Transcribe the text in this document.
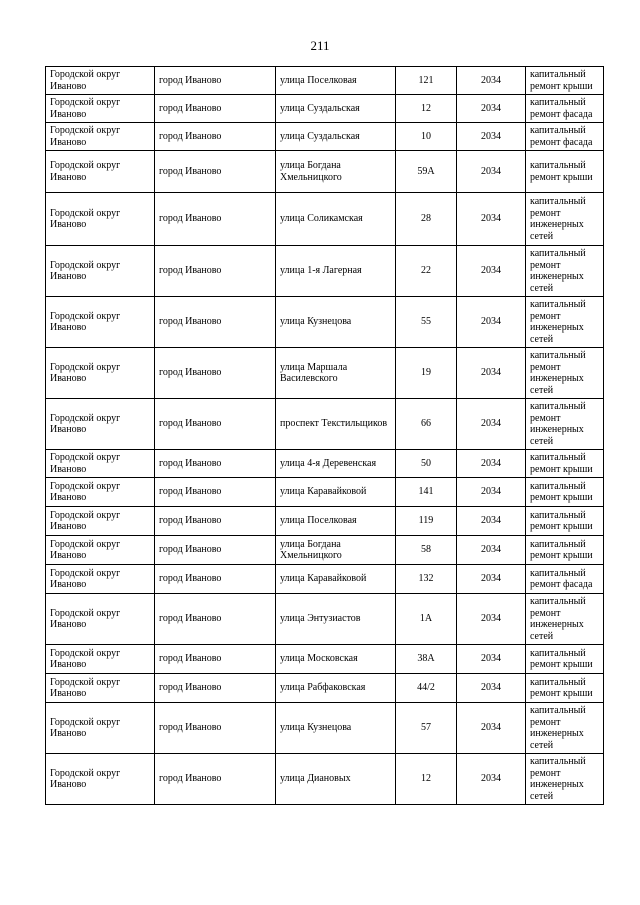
211
Городской округ Иваново	город Иваново	улица Поселковая	121	2034	капитальный ремонт крыши
Городской округ Иваново	город Иваново	улица Суздальская	12	2034	капитальный ремонт фасада
Городской округ Иваново	город Иваново	улица Суздальская	10	2034	капитальный ремонт фасада
Городской округ Иваново	город Иваново	улица Богдана Хмельницкого	59А	2034	капитальный ремонт крыши
Городской округ Иваново	город Иваново	улица Соликамская	28	2034	капитальный ремонт инженерных сетей
Городской округ Иваново	город Иваново	улица 1-я Лагерная	22	2034	капитальный ремонт инженерных сетей
Городской округ Иваново	город Иваново	улица Кузнецова	55	2034	капитальный ремонт инженерных сетей
Городской округ Иваново	город Иваново	улица Маршала Василевского	19	2034	капитальный ремонт инженерных сетей
Городской округ Иваново	город Иваново	проспект Текстильщиков	66	2034	капитальный ремонт инженерных сетей
Городской округ Иваново	город Иваново	улица 4-я Деревенская	50	2034	капитальный ремонт крыши
Городской округ Иваново	город Иваново	улица Каравайковой	141	2034	капитальный ремонт крыши
Городской округ Иваново	город Иваново	улица Поселковая	119	2034	капитальный ремонт крыши
Городской округ Иваново	город Иваново	улица Богдана Хмельницкого	58	2034	капитальный ремонт крыши
Городской округ Иваново	город Иваново	улица Каравайковой	132	2034	капитальный ремонт фасада
Городской округ Иваново	город Иваново	улица Энтузиастов	1А	2034	капитальный ремонт инженерных сетей
Городской округ Иваново	город Иваново	улица Московская	38А	2034	капитальный ремонт крыши
Городской округ Иваново	город Иваново	улица Рабфаковская	44/2	2034	капитальный ремонт крыши
Городской округ Иваново	город Иваново	улица Кузнецова	57	2034	капитальный ремонт инженерных сетей
Городской округ Иваново	город Иваново	улица Диановых	12	2034	капитальный ремонт инженерных сетей
